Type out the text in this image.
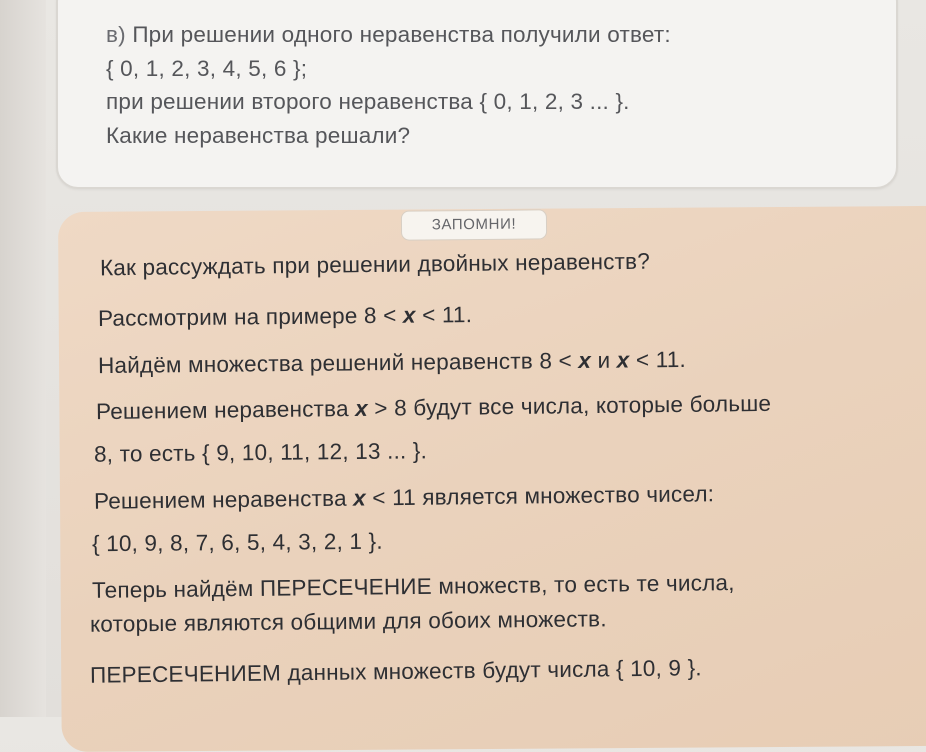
в) При решении одного неравенства получили ответ:
{ 0, 1, 2, 3, 4, 5, 6 };
при решении второго неравенства { 0, 1, 2, 3 ... }.
Какие неравенства решали?
ЗАПОМНИ!
Как рассуждать при решении двойных неравенств?
Рассмотрим на примере 8 < x < 11.
Найдём множества решений неравенств 8 < x и x < 11.
Решением неравенства x > 8 будут все числа, которые больше
8, то есть { 9, 10, 11, 12, 13 ... }.
Решением неравенства x < 11 является множество чисел:
{ 10, 9, 8, 7, 6, 5, 4, 3, 2, 1 }.
Теперь найдём ПЕРЕСЕЧЕНИЕ множеств, то есть те числа,
которые являются общими для обоих множеств.
ПЕРЕСЕЧЕНИЕМ данных множеств будут числа { 10, 9 }.
